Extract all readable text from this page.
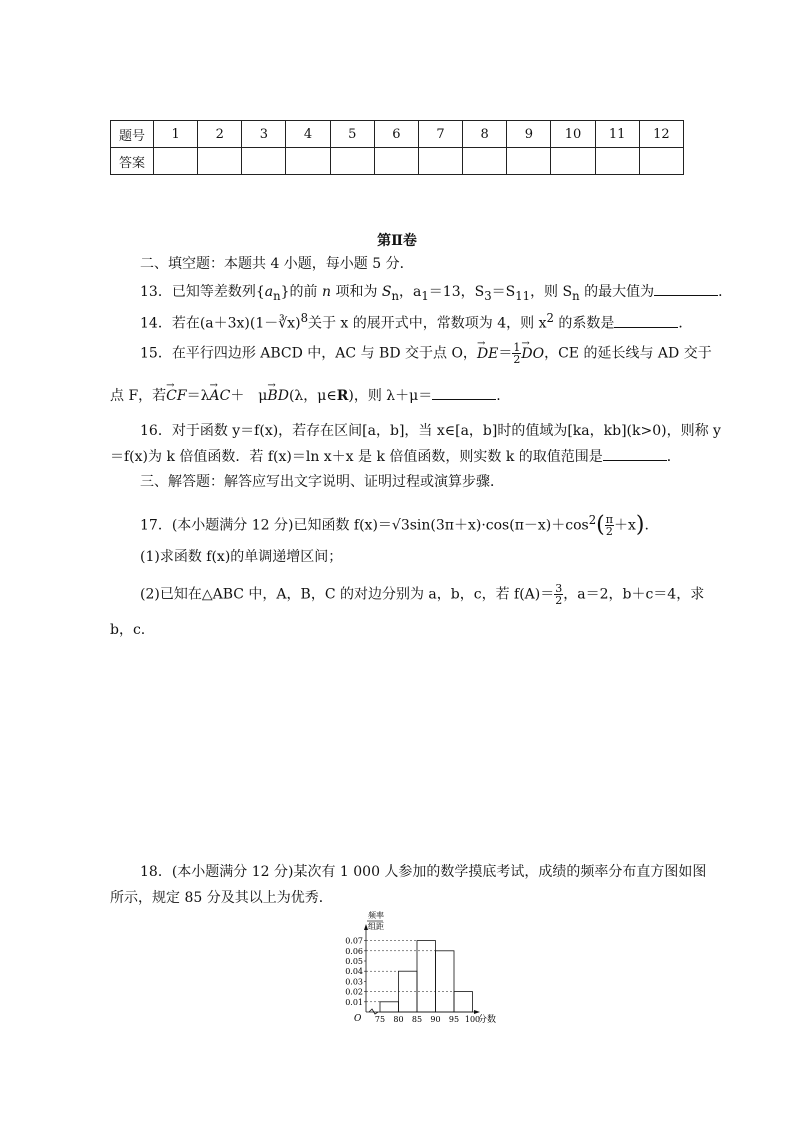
题号	1	2	3	4	5	6	7	8	9	10	11	12
答案												
第Ⅱ卷
二、填空题：本题共 4 小题，每小题 5 分．
13．已知等差数列$\{a_n\}$的前 n 项和为 $S_n$，$a_1=13$，$S_3=S_{11}$，则 $S_n$ 的最大值为	．
14．若在(a＋3x)(1－∛x)$^8$关于 x 的展开式中，常数项为 4，则 $x^2$ 的系数是	．
15．在平行四边形 ABCD 中，AC 与 BD 交于点 O，→ $DE= \frac{1}{2}$ → DO，CE 的延长线与 AD 交于
点 F，若→ CF＝λ→ AC＋　μ→ BD(λ，μ∈R)，则 λ＋μ＝	.
16．对于函数 y＝f(x)，若存在区间[a，b]，当 x∈[a，b]时的值域为[ka，kb](k>0)，则称 y
＝f(x)为 k 倍值函数．若 f(x)＝ln x＋x 是 k 倍值函数，则实数 k 的取值范围是	．
三、解答题：解答应写出文字说明、证明过程或演算步骤．
17．(本小题满分 12 分)已知函数 $f(x)=√3\sin(3\pi+x)\cdot\cos(\pi-x)+\cos^2( \frac{\pi}{2} +x)$.
(1)求函数 f(x)的单调递增区间；
(2)已知在△ABC 中，A，B，C 的对边分别为 a，b，c，若 $f(A)= \frac{3}{2}$ ，a＝2，b＋c＝4，求
b，c.
18．(本小题满分 12 分)某次有 1 000 人参加的数学摸底考试，成绩的频率分布直方图如图
所示，规定 85 分及其以上为优秀．
频率
组距
分数
O
0.07
0.06
0.05
0.04
0.03
0.02
0.01
75 80 85 90 95 100
